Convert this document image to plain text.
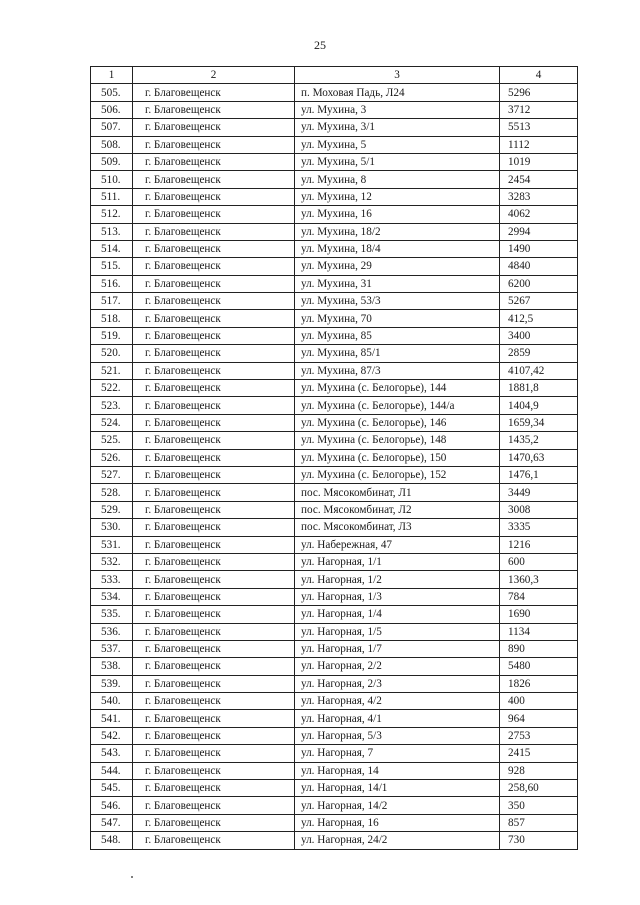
25
1	2	3	4
505.	г. Благовещенск	п. Моховая Падь, Л24	5296
506.	г. Благовещенск	ул. Мухина, 3	3712
507.	г. Благовещенск	ул. Мухина, 3/1	5513
508.	г. Благовещенск	ул. Мухина, 5	1112
509.	г. Благовещенск	ул. Мухина, 5/1	1019
510.	г. Благовещенск	ул. Мухина, 8	2454
511.	г. Благовещенск	ул. Мухина, 12	3283
512.	г. Благовещенск	ул. Мухина, 16	4062
513.	г. Благовещенск	ул. Мухина, 18/2	2994
514.	г. Благовещенск	ул. Мухина, 18/4	1490
515.	г. Благовещенск	ул. Мухина, 29	4840
516.	г. Благовещенск	ул. Мухина, 31	6200
517.	г. Благовещенск	ул. Мухина, 53/3	5267
518.	г. Благовещенск	ул. Мухина, 70	412,5
519.	г. Благовещенск	ул. Мухина, 85	3400
520.	г. Благовещенск	ул. Мухина, 85/1	2859
521.	г. Благовещенск	ул. Мухина, 87/3	4107,42
522.	г. Благовещенск	ул. Мухина (с. Белогорье), 144	1881,8
523.	г. Благовещенск	ул. Мухина (с. Белогорье), 144/а	1404,9
524.	г. Благовещенск	ул. Мухина (с. Белогорье), 146	1659,34
525.	г. Благовещенск	ул. Мухина (с. Белогорье), 148	1435,2
526.	г. Благовещенск	ул. Мухина (с. Белогорье), 150	1470,63
527.	г. Благовещенск	ул. Мухина (с. Белогорье), 152	1476,1
528.	г. Благовещенск	пос. Мясокомбинат, Л1	3449
529.	г. Благовещенск	пос. Мясокомбинат, Л2	3008
530.	г. Благовещенск	пос. Мясокомбинат, Л3	3335
531.	г. Благовещенск	ул. Набережная, 47	1216
532.	г. Благовещенск	ул. Нагорная, 1/1	600
533.	г. Благовещенск	ул. Нагорная, 1/2	1360,3
534.	г. Благовещенск	ул. Нагорная, 1/3	784
535.	г. Благовещенск	ул. Нагорная, 1/4	1690
536.	г. Благовещенск	ул. Нагорная, 1/5	1134
537.	г. Благовещенск	ул. Нагорная, 1/7	890
538.	г. Благовещенск	ул. Нагорная, 2/2	5480
539.	г. Благовещенск	ул. Нагорная, 2/3	1826
540.	г. Благовещенск	ул. Нагорная, 4/2	400
541.	г. Благовещенск	ул. Нагорная, 4/1	964
542.	г. Благовещенск	ул. Нагорная, 5/3	2753
543.	г. Благовещенск	ул. Нагорная, 7	2415
544.	г. Благовещенск	ул. Нагорная, 14	928
545.	г. Благовещенск	ул. Нагорная, 14/1	258,60
546.	г. Благовещенск	ул. Нагорная, 14/2	350
547.	г. Благовещенск	ул. Нагорная, 16	857
548.	г. Благовещенск	ул. Нагорная, 24/2	730
